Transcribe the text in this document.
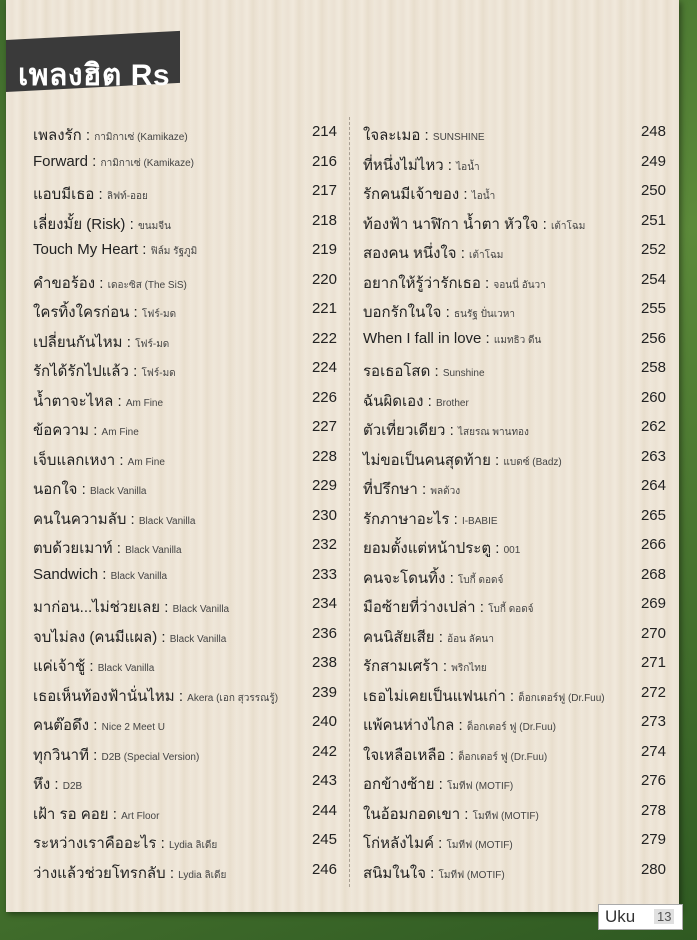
เพลงฮิต Rs
เพลงรัก : กามิกาเซ่ (Kamikaze)	214
Forward : กามิกาเซ่ (Kamikaze)	216
แอบมีเธอ : ลิฟท์-ออย	217
เลี่ยงมั้ย (Risk) : ขนมจีน	218
Touch My Heart : ฟิล์ม รัฐภูมิ	219
คำขอร้อง : เดอะซิส (The SiS)	220
ใครทิ้งใครก่อน : โฟร์-มด	221
เปลี่ยนกันไหม : โฟร์-มด	222
รักได้รักไปแล้ว : โฟร์-มด	224
น้ำตาจะไหล : Am Fine	226
ข้อความ : Am Fine	227
เจ็บแลกเหงา : Am Fine	228
นอกใจ : Black Vanilla	229
คนในความลับ : Black Vanilla	230
ตบด้วยเมาท์ : Black Vanilla	232
Sandwich : Black Vanilla	233
มาก่อน...ไม่ช่วยเลย : Black Vanilla	234
จบไม่ลง (คนมีแผล) : Black Vanilla	236
แค่เจ้าชู้ : Black Vanilla	238
เธอเห็นท้องฟ้านั่นไหม : Akera (เอก สุวรรณรู้) 239
คนต๊อดึง : Nice 2 Meet U	240
ทุกวินาที : D2B (Special Version)	242
หึง : D2B	243
เฝ้า รอ คอย : Art Floor	244
ระหว่างเราคืออะไร : Lydia ลิเดีย	245
ว่างแล้วช่วยโทรกลับ : Lydia ลิเดีย	246
ใจละเมอ : SUNSHINE	248
ที่หนึ่งไม่ไหว : ไอน้ำ	249
รักคนมีเจ้าของ : ไอน้ำ	250
ท้องฟ้า นาฬิกา น้ำตา หัวใจ : เต้าโฉม	251
สองคน หนึ่งใจ : เต้าโฉม	252
อยากให้รู้ว่ารักเธอ : จอนนี่ อันวา	254
บอกรักในใจ : ธนรัฐ ปั่นเวหา	255
When I fall in love : แมทธิว ดีน	256
รอเธอโสด : Sunshine	258
ฉันผิดเอง : Brother	260
ตัวเที่ยวเดียว : ไสยรณ พานทอง	262
ไม่ขอเป็นคนสุดท้าย : แบดซ์ (Badz)	263
ที่ปรึกษา : พลด้วง	264
รักภาษาอะไร : I-BABIE	265
ยอมตั้งแต่หน้าประตู : 001	266
คนจะโดนทิ้ง : โบกี้ ดอดจ์	268
มือซ้ายที่ว่างเปล่า : โบกี้ ดอดจ์	269
คนนิสัยเสีย : อ้อน ลัคนา	270
รักสามเศร้า : พริกไทย	271
เธอไม่เคยเป็นแฟนเก่า : ด็อกเตอร์ฟู (Dr.Fuu) 272
แพ้คนห่างไกล : ด็อกเตอร์ ฟู (Dr.Fuu)	273
ใจเหลือเหลือ : ด็อกเตอร์ ฟู (Dr.Fuu)	274
อกข้างซ้าย : โมทีฟ (MOTIF)	276
ในอ้อมกอดเขา : โมทีฟ (MOTIF)	278
โก่หลังไมค์ : โมทีฟ (MOTIF)	279
สนิมในใจ : โมทีฟ (MOTIF)	280
Uku 13
